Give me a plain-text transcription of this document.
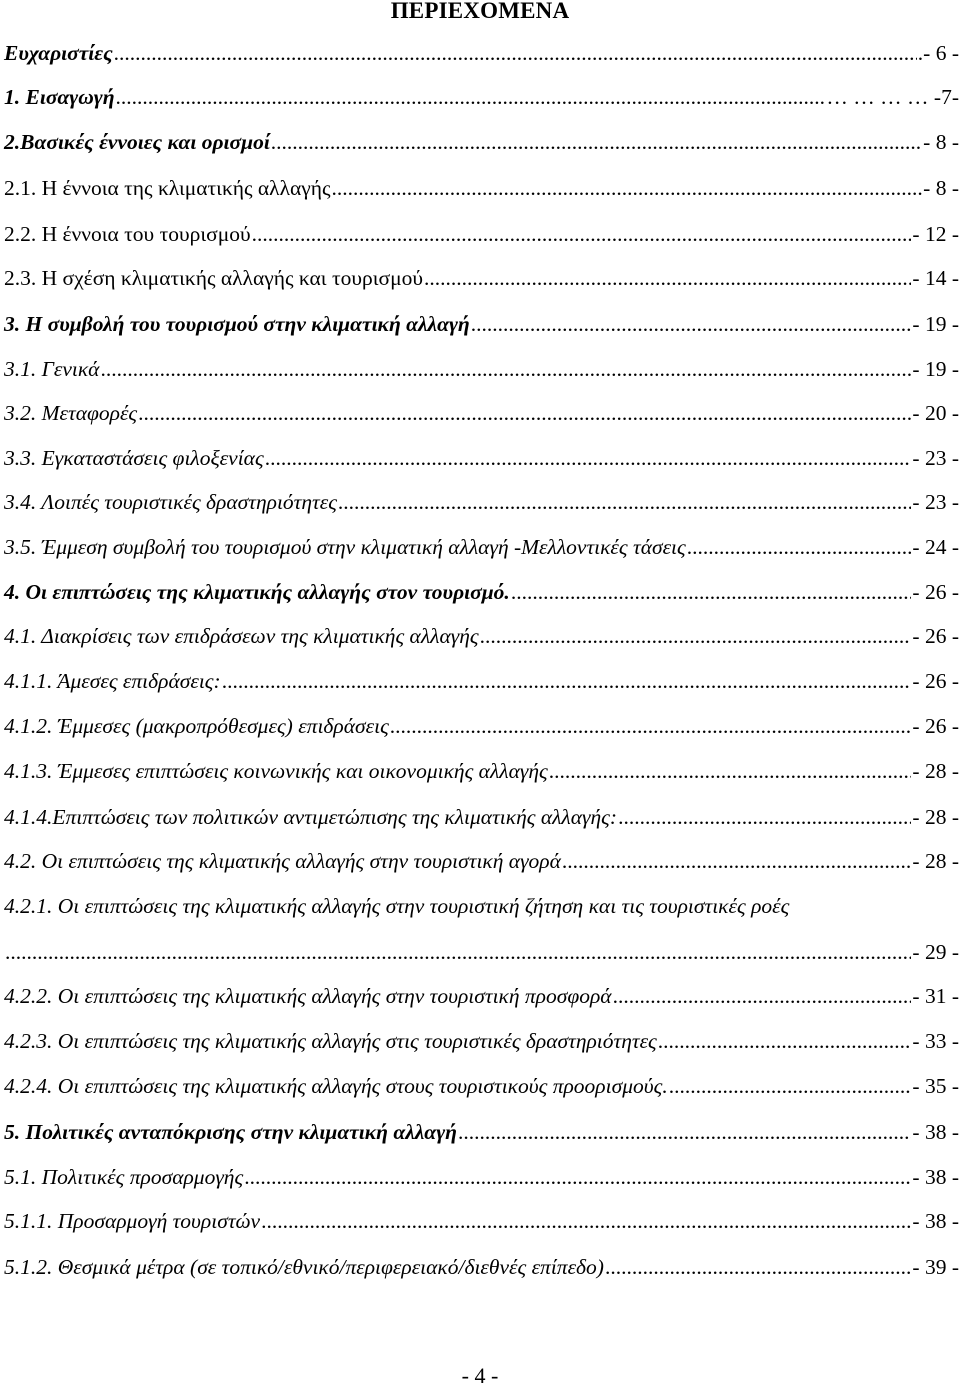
ΠΕΡΙΕΧΟΜΕΝΑ
Ευχαριστίες .....	.- 6 -
1. Εισαγωγή .....	… … … … -7-
2.Βασικές έννοιες και ορισμοί .....	- 8 -
2.1. Η έννοια της κλιματικής αλλαγής .....	- 8 -
2.2. Η έννοια του τουρισμού .....	- 12 -
2.3. Η σχέση κλιματικής αλλαγής και τουρισμού .....	- 14 -
3. Η συμβολή του τουρισμού στην κλιματική αλλαγή .....	- 19 -
3.1. Γενικά .....	- 19 -
3.2. Μεταφορές .....	- 20 -
3.3. Εγκαταστάσεις φιλοξενίας .....	- 23 -
3.4. Λοιπές τουριστικές δραστηριότητες .....	- 23 -
3.5. Έμμεση συμβολή του τουρισμού στην κλιματική αλλαγή -Μελλοντικές τάσεις .....	- 24 -
4. Οι επιπτώσεις της κλιματικής αλλαγής στον τουρισμό. .....	- 26 -
4.1. Διακρίσεις των επιδράσεων της κλιματικής αλλαγής .....	- 26 -
4.1.1. Άμεσες επιδράσεις: .....	- 26 -
4.1.2. Έμμεσες (μακροπρόθεσμες) επιδράσεις .....	- 26 -
4.1.3. Έμμεσες επιπτώσεις κοινωνικής και οικονομικής αλλαγής .....	- 28 -
4.1.4.Επιπτώσεις των πολιτικών αντιμετώπισης της κλιματικής αλλαγής: .....	- 28 -
4.2. Οι επιπτώσεις της κλιματικής αλλαγής στην τουριστική αγορά .....	- 28 -
4.2.1. Οι επιπτώσεις της κλιματικής αλλαγής στην τουριστική ζήτηση και τις τουριστικές ροές
.....
- 29 -
4.2.2. Οι επιπτώσεις της κλιματικής αλλαγής στην τουριστική προσφορά .....	- 31 -
4.2.3. Οι επιπτώσεις της κλιματικής αλλαγής στις τουριστικές δραστηριότητες .....	- 33 -
4.2.4. Οι επιπτώσεις της κλιματικής αλλαγής στους τουριστικούς προορισμούς. .....	- 35 -
5. Πολιτικές ανταπόκρισης στην κλιματική αλλαγή .....	- 38 -
5.1. Πολιτικές προσαρμογής .....	- 38 -
5.1.1. Προσαρμογή τουριστών .....	- 38 -
5.1.2. Θεσμικά μέτρα (σε τοπικό/εθνικό/περιφερειακό/διεθνές επίπεδο) .....	- 39 -
- 4 -
